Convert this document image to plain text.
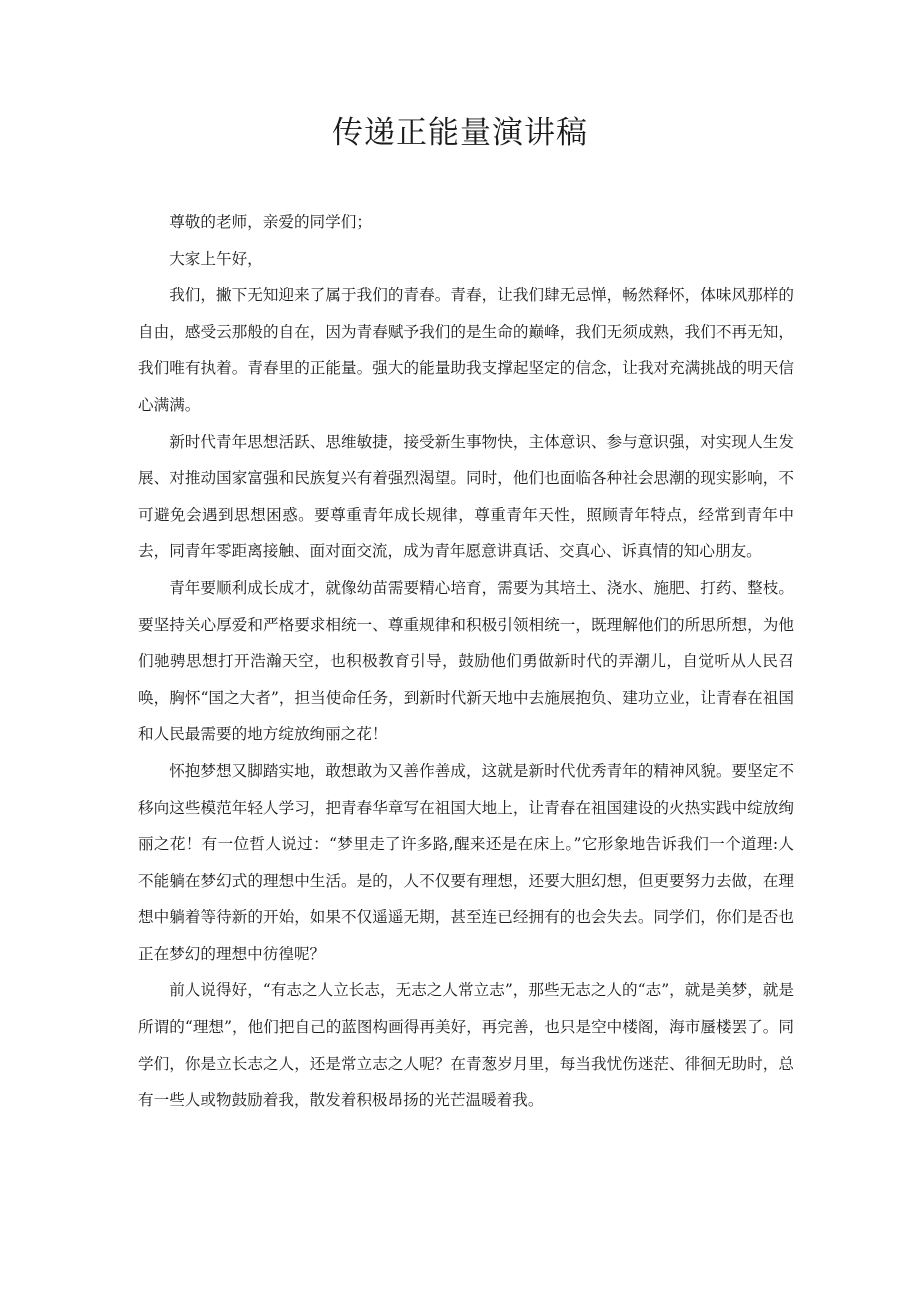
传递正能量演讲稿

尊敬的老师，亲爱的同学们；

大家上午好，

我们，撇下无知迎来了属于我们的青春。青春，让我们肆无忌惮，畅然释怀，体味风那样的自由，感受云那般的自在，因为青春赋予我们的是生命的巅峰，我们无须成熟，我们不再无知，我们唯有执着。青春里的正能量。强大的能量助我支撑起坚定的信念，让我对充满挑战的明天信心满满。

新时代青年思想活跃、思维敏捷，接受新生事物快，主体意识、参与意识强，对实现人生发展、对推动国家富强和民族复兴有着强烈渴望。同时，他们也面临各种社会思潮的现实影响，不可避免会遇到思想困惑。要尊重青年成长规律，尊重青年天性，照顾青年特点，经常到青年中去，同青年零距离接触、面对面交流，成为青年愿意讲真话、交真心、诉真情的知心朋友。

青年要顺利成长成才，就像幼苗需要精心培育，需要为其培土、浇水、施肥、打药、整枝。要坚持关心厚爱和严格要求相统一、尊重规律和积极引领相统一，既理解他们的所思所想，为他们驰骋思想打开浩瀚天空，也积极教育引导，鼓励他们勇做新时代的弄潮儿，自觉听从人民召唤，胸怀“国之大者”，担当使命任务，到新时代新天地中去施展抱负、建功立业，让青春在祖国和人民最需要的地方绽放绚丽之花！

怀抱梦想又脚踏实地，敢想敢为又善作善成，这就是新时代优秀青年的精神风貌。要坚定不移向这些模范年轻人学习，把青春华章写在祖国大地上，让青春在祖国建设的火热实践中绽放绚丽之花！有一位哲人说过：“梦里走了许多路,醒来还是在床上。”它形象地告诉我们一个道理:人不能躺在梦幻式的理想中生活。是的，人不仅要有理想，还要大胆幻想，但更要努力去做，在理想中躺着等待新的开始，如果不仅遥遥无期，甚至连已经拥有的也会失去。同学们，你们是否也正在梦幻的理想中彷徨呢？

前人说得好，“有志之人立长志，无志之人常立志”，那些无志之人的“志”，就是美梦，就是所谓的“理想”，他们把自己的蓝图构画得再美好，再完善，也只是空中楼阁，海市蜃楼罢了。同学们，你是立长志之人，还是常立志之人呢？在青葱岁月里，每当我忧伤迷茫、徘徊无助时，总有一些人或物鼓励着我，散发着积极昂扬的光芒温暖着我。
